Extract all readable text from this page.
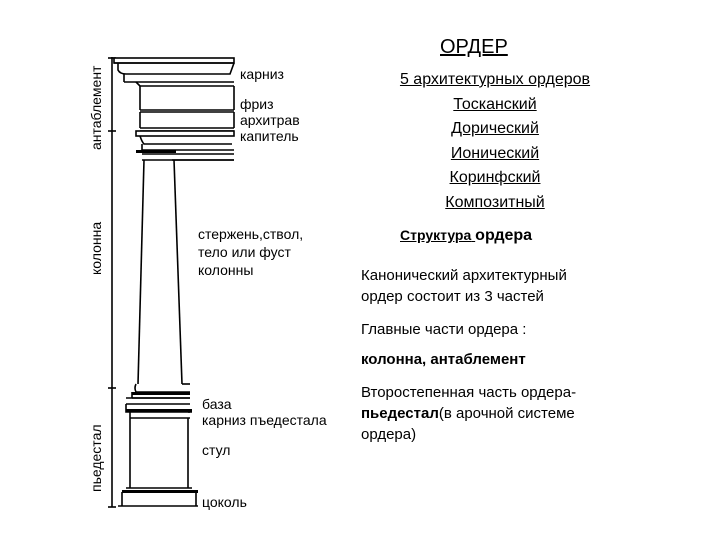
антаблемент
колонна
пьедестал
карниз
фриз
архитрав
капитель
стержень,ствол,
тело или фуст
колонны
база
карниз пъедестала
стул
цоколь
ОРДЕР
5 архитектурных ордеров
Тосканский
Дорический
Ионический
Коринфский
Композитный
Структура ордера
Канонический архитектурный
ордер состоит из 3 частей
Главные части ордера :
колонна, антаблемент
Второстепенная часть ордера-
пьедестал(в арочной системе
ордера)
